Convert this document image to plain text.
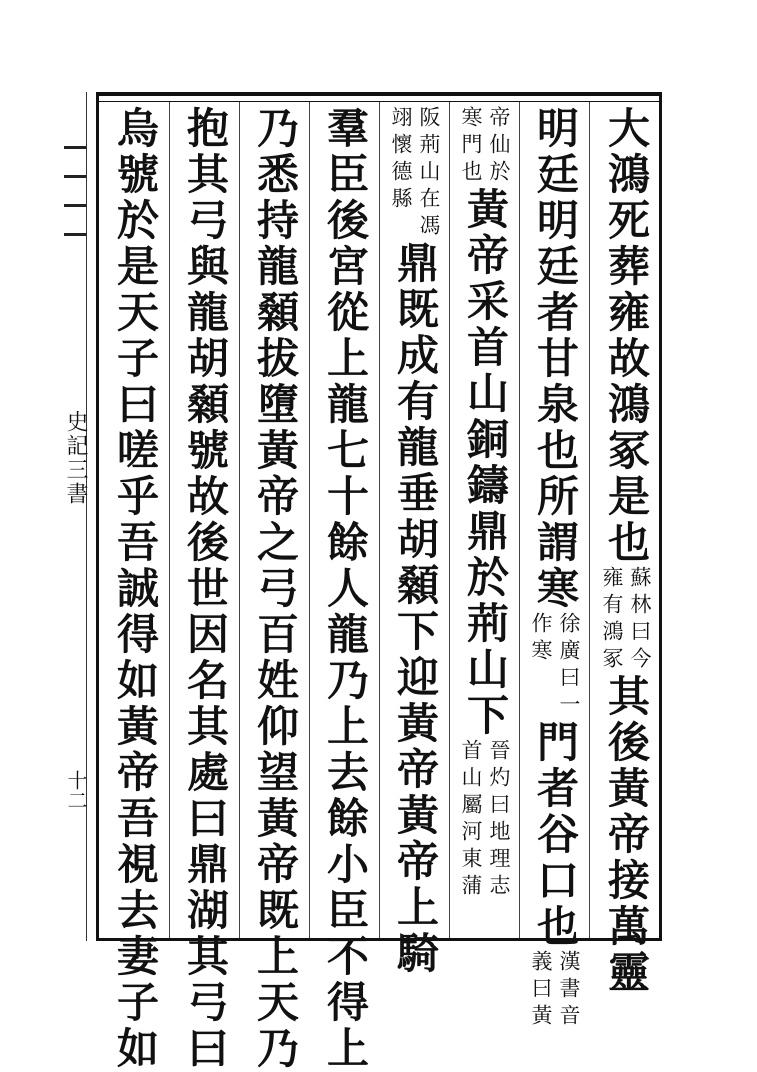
史記三書
十二
大鴻死葬雍故鴻冢是也
蘇林曰今
雍有鴻冢
其後黃帝接萬靈
明廷明廷者甘泉也所謂寒
徐廣曰一
作寒
門者谷口也
漢書音
義曰黃
帝仙於
寒門也
黃帝采首山銅鑄鼎於荊山下
晉灼曰地理志
首山屬河東蒲
阪荊山在馮
翊懷德縣
鼎既成有龍垂胡顙下迎黃帝黃帝上騎
羣臣後宮從上龍七十餘人龍乃上去餘小臣不得上
乃悉持龍顙拔墮黃帝之弓百姓仰望黃帝既上天乃
抱其弓與龍胡顙號故後世因名其處曰鼎湖其弓曰
烏號於是天子曰嗟乎吾誠得如黃帝吾視去妻子如
